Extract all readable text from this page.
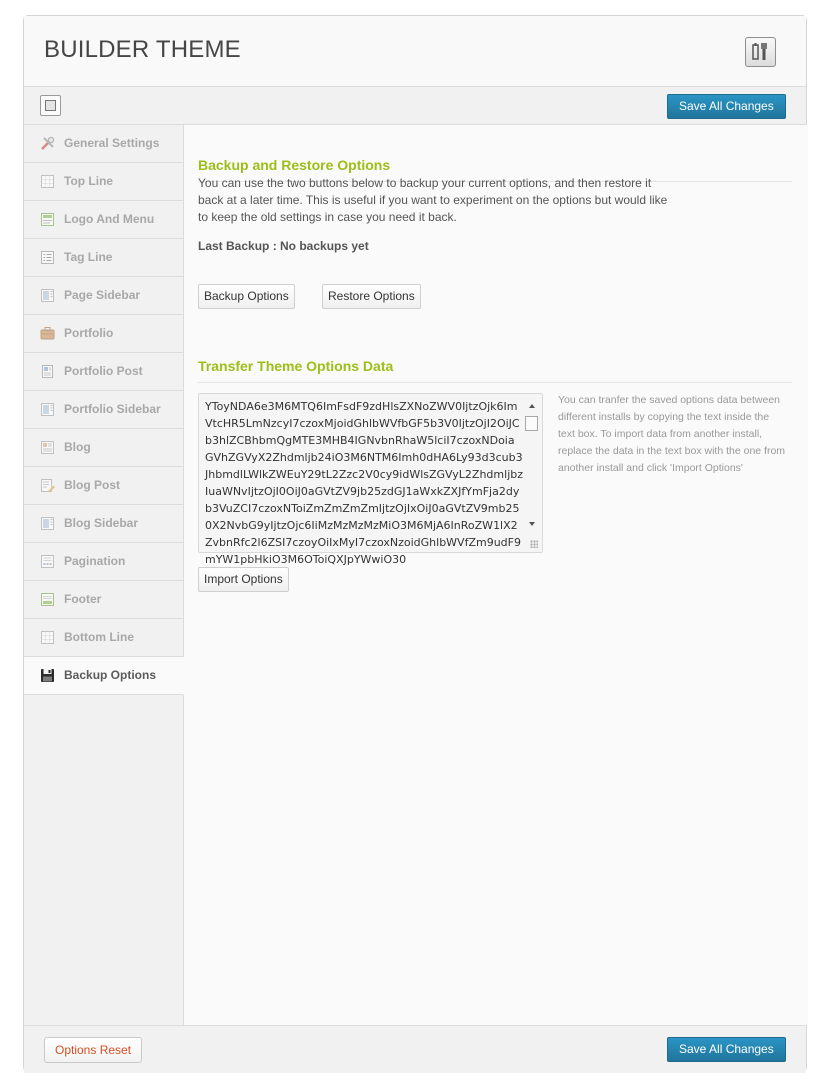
BUILDER THEME
Save All Changes
General Settings
Top Line
Logo And Menu
Tag Line
Page Sidebar
Portfolio
Portfolio Post
Portfolio Sidebar
Blog
Blog Post
Blog Sidebar
Pagination
Footer
Bottom Line
Backup Options
Backup and Restore Options
You can use the two buttons below to backup your current options, and then restore it back at a later time. This is useful if you want to experiment on the options but would like to keep the old settings in case you need it back.
Last Backup : No backups yet
Backup Options	Restore Options
Transfer Theme Options Data
YToyNDA6e3M6MTQ6ImFsdF9zdHlsZXNoZWV0IjtzOjk6ImVtcHR5LmNzcyI7czoxMjoidGhlbWVfbGF5b3V0IjtzOjI2OiJCb3hlZCBhbmQgMTE3MHB4IGNvbnRhaW5lciI7czoxNDoiaGVhZGVyX2Zhdmljb24iO3M6NTM6Imh0dHA6Ly93d3cub3JhbmdlLWlkZWEuY29tL2Zzc2V0cy9idWlsZGVyL2ZhdmljbzIuaWNvIjtzOjI0OiJ0aGVtZV9jb25zdGJ1aWxkZXJfYmFja2dyb3VuZCI7czoxNToiZmZmZmZmIjtzOjIxOiJ0aGVtZV9mb250X2NvbG9yIjtzOjc6IiMzMzMzMzMiO3M6MjA6InRoZW1lX2ZvbnRfc2l6ZSI7czoyOiIxMyI7czoxNzoidGhlbWVfZm9udF9mYW1pbHkiO3M6OToiQXJpYWwiO30
You can tranfer the saved options data between different installs by copying the text inside the text box. To import data from another install, replace the data in the text box with the one from another install and click 'Import Options'
Import Options
Options Reset	Save All Changes
